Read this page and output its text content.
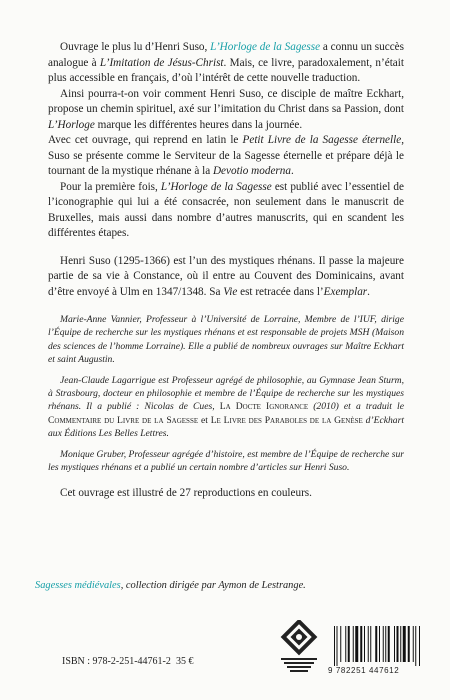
Ouvrage le plus lu d’Henri Suso, L’Horloge de la Sagesse a connu un succès analogue à L’Imitation de Jésus-Christ. Mais, ce livre, paradoxalement, n’était plus accessible en français, d’où l’intérêt de cette nouvelle traduction.

Ainsi pourra-t-on voir comment Henri Suso, ce disciple de maître Eckhart, propose un chemin spirituel, axé sur l’imitation du Christ dans sa Passion, dont L’Horloge marque les différentes heures dans la journée.

Avec cet ouvrage, qui reprend en latin le Petit Livre de la Sagesse éternelle, Suso se présente comme le Serviteur de la Sagesse éternelle et prépare déjà le tournant de la mystique rhénane à la Devotio moderna.

Pour la première fois, L’Horloge de la Sagesse est publié avec l’essentiel de l’iconographie qui lui a été consacrée, non seulement dans le manuscrit de Bruxelles, mais aussi dans nombre d’autres manuscrits, qui en scandent les différentes étapes.

Henri Suso (1295-1366) est l’un des mystiques rhénans. Il passe la majeure partie de sa vie à Constance, où il entre au Couvent des Dominicains, avant d’être envoyé à Ulm en 1347/1348. Sa Vie est retracée dans l’Exemplar.

Marie-Anne Vannier, Professeur à l’Université de Lorraine, Membre de l’IUF, dirige l’Équipe de recherche sur les mystiques rhénans et est responsable de projets MSH (Maison des sciences de l’homme Lorraine). Elle a publié de nombreux ouvrages sur Maître Eckhart et saint Augustin.

Jean-Claude Lagarrigue est Professeur agrégé de philosophie, au Gymnase Jean Sturm, à Strasbourg, docteur en philosophie et membre de l’Équipe de recherche sur les mystiques rhénans. Il a publié : Nicolas de Cues, La Docte Ignorance (2010) et a traduit le Commentaire du Livre de la Sagesse et Le Livre des Paraboles de la Genèse d’Eckhart aux Éditions Les Belles Lettres.

Monique Gruber, Professeur agrégée d’histoire, est membre de l’Équipe de recherche sur les mystiques rhénans et a publié un certain nombre d’articles sur Henri Suso.

Cet ouvrage est illustré de 27 reproductions en couleurs.

Sagesses médiévales, collection dirigée par Aymon de Lestrange.
ISBN : 978-2-251-44761-2 35 €
9 782251 447612
